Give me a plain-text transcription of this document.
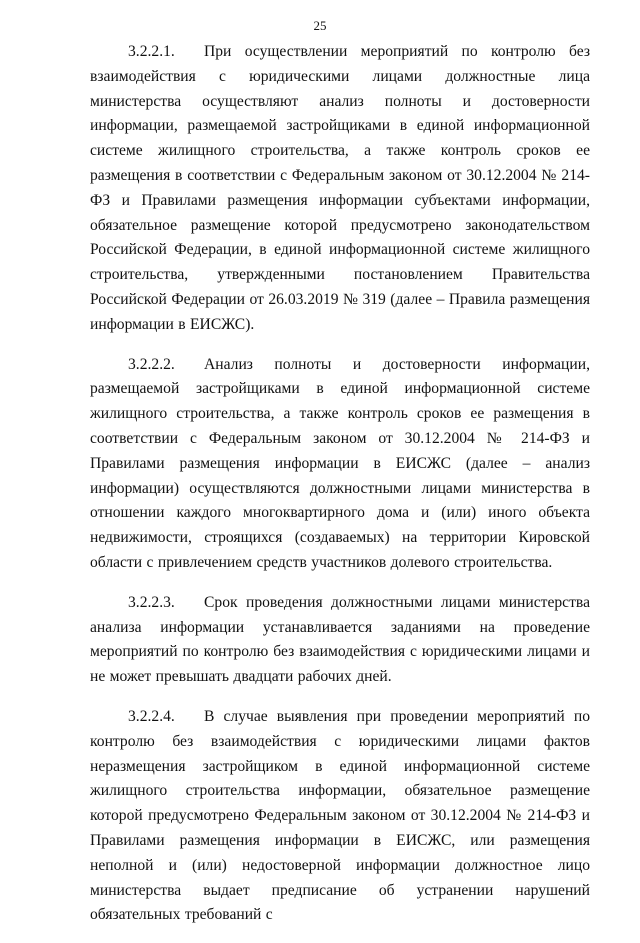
25

3.2.2.1. При осуществлении мероприятий по контролю без взаимодействия с юридическими лицами должностные лица министерства осуществляют анализ полноты и достоверности информации, размещаемой застройщиками в единой информационной системе жилищного строительства, а также контроль сроков ее размещения в соответствии с Федеральным законом от 30.12.2004 № 214-ФЗ и Правилами размещения информации субъектами информации, обязательное размещение которой предусмотрено законодательством Российской Федерации, в единой информационной системе жилищного строительства, утвержденными постановлением Правительства Российской Федерации от 26.03.2019 № 319 (далее – Правила размещения информации в ЕИСЖС).

3.2.2.2. Анализ полноты и достоверности информации, размещаемой застройщиками в единой информационной системе жилищного строительства, а также контроль сроков ее размещения в соответствии с Федеральным законом от 30.12.2004 № 214-ФЗ и Правилами размещения информации в ЕИСЖС (далее – анализ информации) осуществляются должностными лицами министерства в отношении каждого многоквартирного дома и (или) иного объекта недвижимости, строящихся (создаваемых) на территории Кировской области с привлечением средств участников долевого строительства.

3.2.2.3. Срок проведения должностными лицами министерства анализа информации устанавливается заданиями на проведение мероприятий по контролю без взаимодействия с юридическими лицами и не может превышать двадцати рабочих дней.

3.2.2.4. В случае выявления при проведении мероприятий по контролю без взаимодействия с юридическими лицами фактов неразмещения застройщиком в единой информационной системе жилищного строительства информации, обязательное размещение которой предусмотрено Федеральным законом от 30.12.2004 № 214-ФЗ и Правилами размещения информации в ЕИСЖС, или размещения неполной и (или) недостоверной информации должностное лицо министерства выдает предписание об устранении нарушений обязательных требований с
